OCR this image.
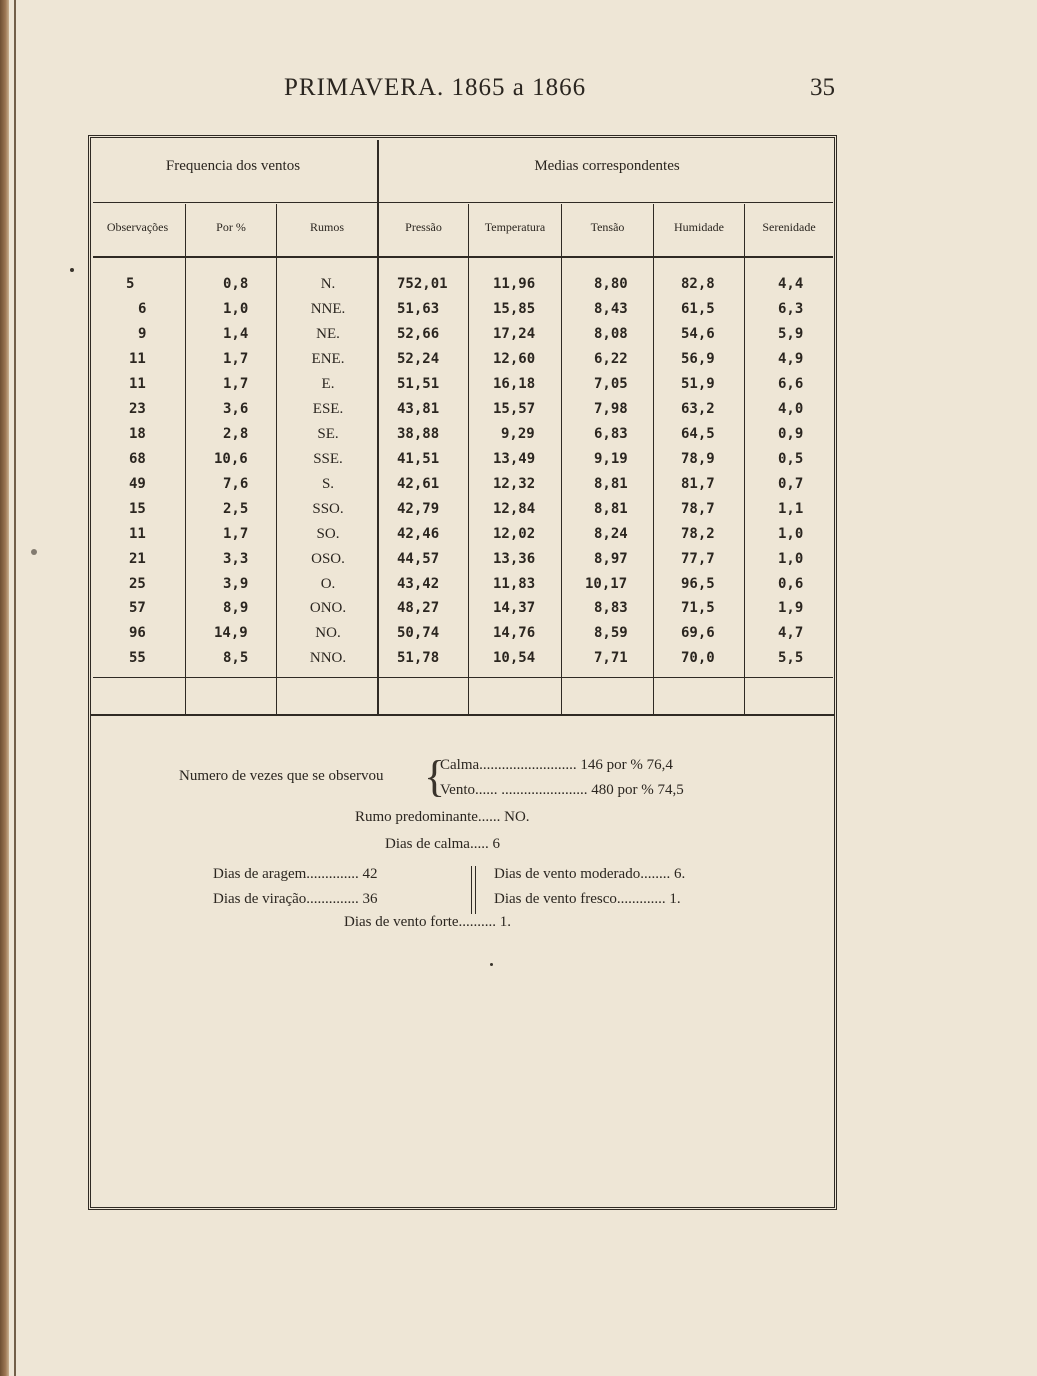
PRIMAVERA. 1865 a 1866	35
Frequencia dos ventos	Medias correspondentes
Observações	Por %	Rumos	Pressão	Temperatura	Tensão	Humidade	Serenidade
5	0,8	N.	752,01	11,96	8,80	82,8	4,4
6	1,0	NNE.	51,63	15,85	8,43	61,5	6,3
9	1,4	NE.	52,66	17,24	8,08	54,6	5,9
11	1,7	ENE.	52,24	12,60	6,22	56,9	4,9
11	1,7	E.	51,51	16,18	7,05	51,9	6,6
23	3,6	ESE.	43,81	15,57	7,98	63,2	4,0
18	2,8	SE.	38,88	9,29	6,83	64,5	0,9
68	10,6	SSE.	41,51	13,49	9,19	78,9	0,5
49	7,6	S.	42,61	12,32	8,81	81,7	0,7
15	2,5	SSO.	42,79	12,84	8,81	78,7	1,1
11	1,7	SO.	42,46	12,02	8,24	78,2	1,0
21	3,3	OSO.	44,57	13,36	8,97	77,7	1,0
25	3,9	O.	43,42	11,83	10,17	96,5	0,6
57	8,9	ONO.	48,27	14,37	8,83	71,5	1,9
96	14,9	NO.	50,74	14,76	8,59	69,6	4,7
55	8,5	NNO.	51,78	10,54	7,71	70,0	5,5
Numero de vezes que se observou {
Calma.......................... 146 por % 76,4
Vento...... ....................... 480 por % 74,5
Rumo predominante...... NO.
Dias de calma..... 6
Dias de aragem.............. 42
Dias de viração.............. 36
Dias de vento moderado........ 6.
Dias de vento fresco............. 1.
Dias de vento forte.......... 1.
